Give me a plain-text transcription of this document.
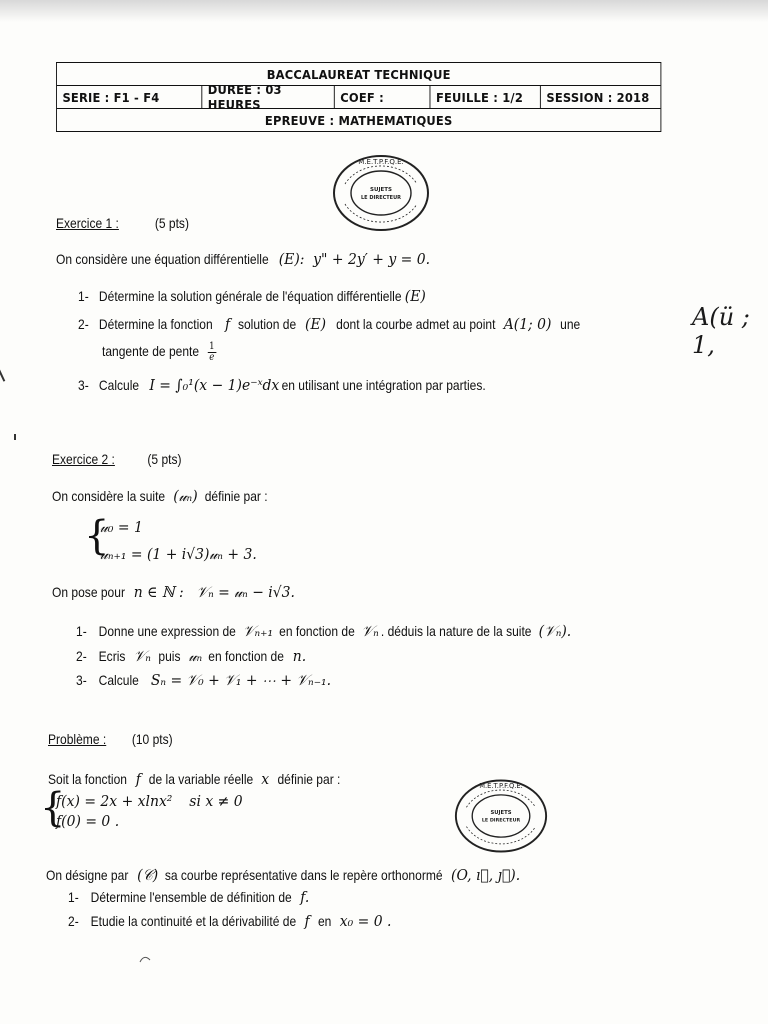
BACCALAUREAT TECHNIQUE
SERIE : F1 - F4	DUREE : 03 HEURES	COEF :	FEUILLE : 1/2	SESSION : 2018
EPREUVE : MATHEMATIQUES
M.E.T.P.F.Q.E.
SUJETS
LE DIRECTEUR
M.E.T.P.F.Q.E.
SUJETS
LE DIRECTEUR
Exercice 1 :	(5 pts)
On considère une équation différentielle (E): y" + 2y′ + y = 0.
1- Détermine la solution générale de l'équation différentielle (E)
2- Détermine la fonction f solution de (E) dont la courbe admet au point A(1; 0) une	A(ü ; 1,
tangente de pente $\frac{1}{e}$
3- Calcule I = ∫₀¹(x − 1)e⁻ˣdx en utilisant une intégration par parties.
Exercice 2 : (5 pts)
On considère la suite (𝓊ₙ) définie par :
{
𝓊₀ = 1
𝓊ₙ₊₁ = (1 + i√3)𝓊ₙ + 3.
On pose pour n ∈ ℕ : 𝒱ₙ = 𝓊ₙ − i√3.
1- Donne une expression de 𝒱ₙ₊₁ en fonction de 𝒱ₙ . déduis la nature de la suite (𝒱ₙ).
2- Ecris 𝒱ₙ puis 𝓊ₙ en fonction de n.
3- Calcule Sₙ = 𝒱₀ + 𝒱₁ + ⋯ + 𝒱ₙ₋₁.
Problème : (10 pts)
Soit la fonction f de la variable réelle x définie par :
{
f(x) = 2x + xlnx² si x ≠ 0
f(0) = 0 .
On désigne par (𝒞) sa courbe représentative dans le repère orthonormé (O, ı⃗, ȷ⃗).
1- Détermine l'ensemble de définition de f.
2- Etudie la continuité et la dérivabilité de f en x₀ = 0 .
